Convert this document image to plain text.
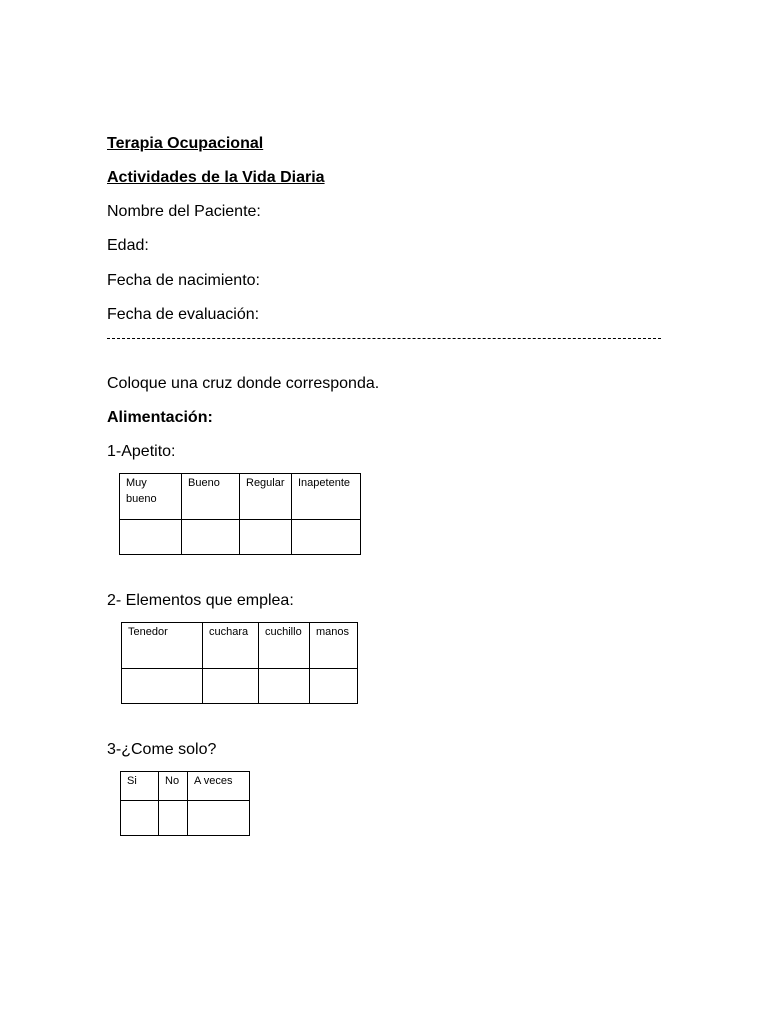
Terapia Ocupacional
Actividades de la Vida Diaria
Nombre del Paciente:
Edad:
Fecha de nacimiento:
Fecha de evaluación:
Coloque una cruz donde corresponda.
Alimentación:
1-Apetito:
Muy bueno	Bueno	Regular	Inapetente

2- Elementos que emplea:
Tenedor	cuchara	cuchillo	manos

3-¿Come solo?
Si	No	A veces
